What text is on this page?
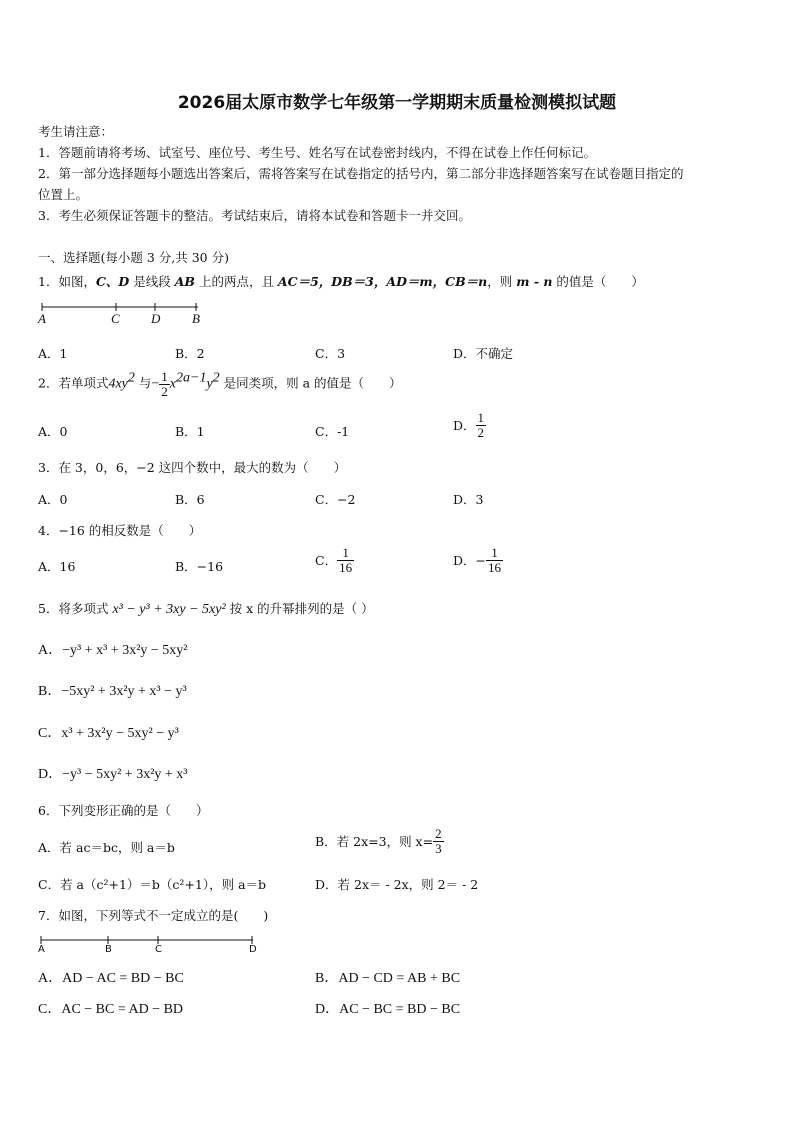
2026届太原市数学七年级第一学期期末质量检测模拟试题
考生请注意：
1．答题前请将考场、试室号、座位号、考生号、姓名写在试卷密封线内，不得在试卷上作任何标记。
2．第一部分选择题每小题选出答案后，需将答案写在试卷指定的括号内，第二部分非选择题答案写在试卷题目指定的
位置上。
3．考生必须保证答题卡的整洁。考试结束后，请将本试卷和答题卡一并交回。
一、选择题(每小题 3 分,共 30 分)
1．如图，C、D 是线段 AB 上的两点，且 AC＝5，DB＝3，AD＝m，CB＝n，则 m - n 的值是（　　）
A	C D B
A．1	B．2	C．3	D．不确定
2．若单项式$4xy^2$ 与− $\frac{1}{2} x^{2a-1}y^2$ 是同类项，则 a 的值是（　　）
A．0	B．1	C．-1	D． $\frac{1}{2}$
3．在 3，0，6，−2 这四个数中，最大的数为（　　）
A．0	B．6	C．−2	D．3
4．−16 的相反数是（　　）
A．16	B．−16	C． $\frac{1}{16}$	D．− $\frac{1}{16}$
5．将多项式 x³ − y³ + 3xy − 5xy² 按 x 的升幂排列的是（ ）
A．−y³ + x³ + 3x²y − 5xy²
B．−5xy² + 3x²y + x³ − y³
C．x³ + 3x²y − 5xy² − y³
D．−y³ − 5xy² + 3x²y + x³
6．下列变形正确的是（　　）
A．若 ac＝bc，则 a＝b	B．若 2x=3，则 $x= \frac{2}{3}$
C．若 a（c²+1）＝b（c²+1），则 a＝b	D．若 2x＝ - 2x，则 2＝ - 2
7．如图，下列等式不一定成立的是(　　)
A	B	C	D
A．AD − AC = BD − BC	B．AD − CD = AB + BC
C．AC − BC = AD − BD	D．AC − BC = BD − BC
